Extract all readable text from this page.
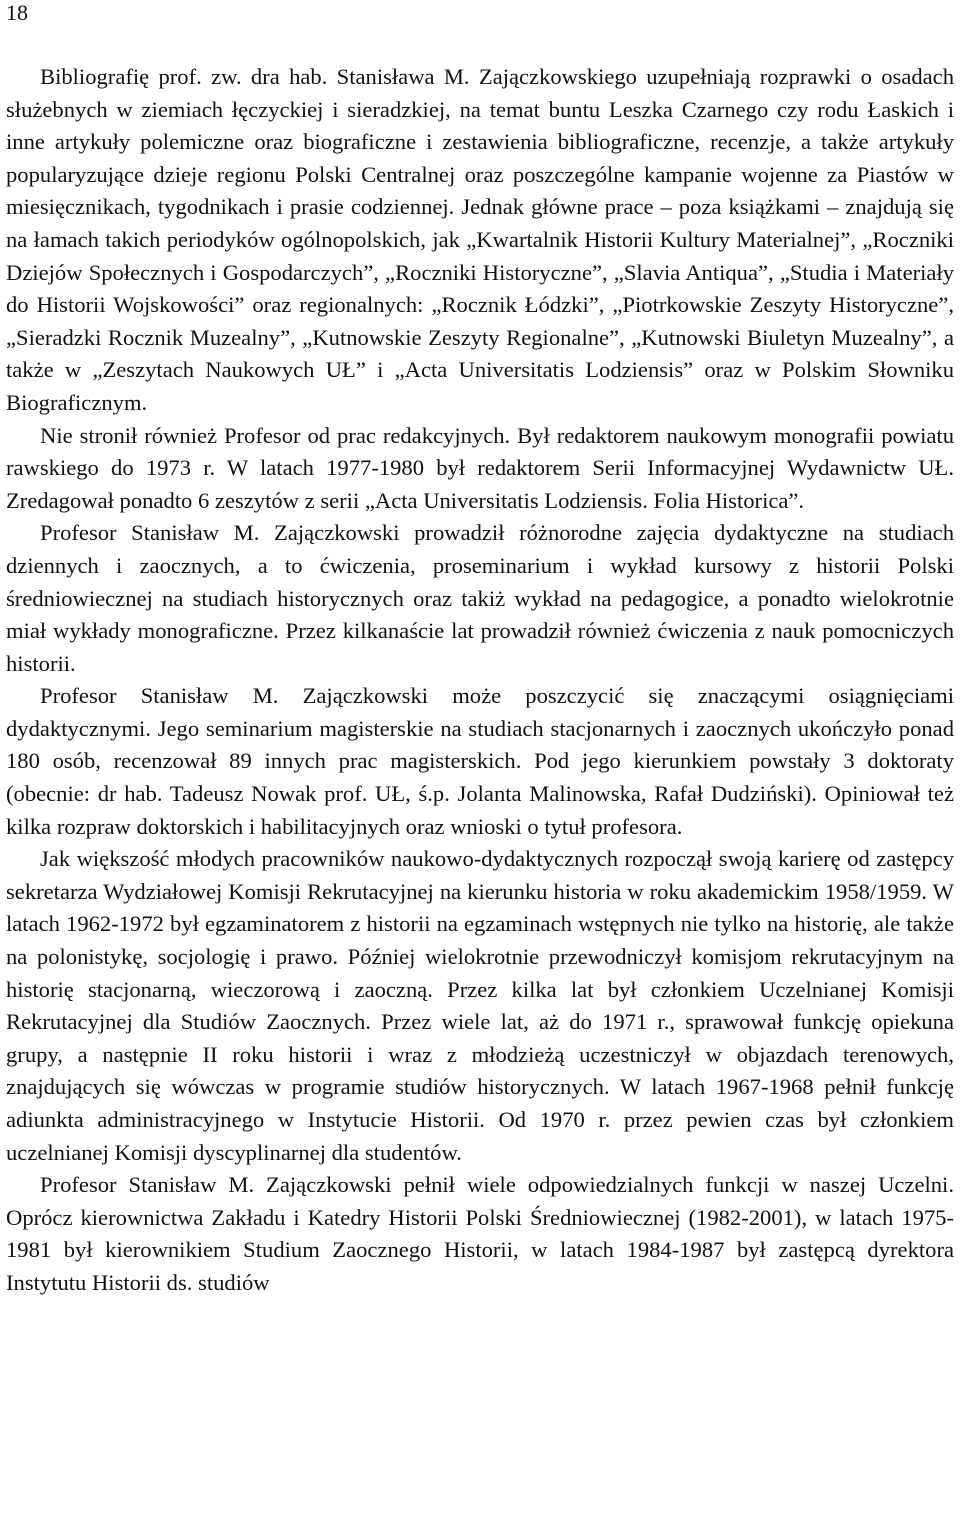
18

Bibliografię prof. zw. dra hab. Stanisława M. Zajączkowskiego uzupełniają rozprawki o osadach służebnych w ziemiach łęczyckiej i sieradzkiej, na temat buntu Leszka Czarnego czy rodu Łaskich i inne artykuły polemiczne oraz biograficzne i zestawienia bibliograficzne, recenzje, a także artykuły popularyzujące dzieje regionu Polski Centralnej oraz poszczególne kampanie wojenne za Piastów w miesięcznikach, tygodnikach i prasie codziennej. Jednak główne prace – poza książkami – znajdują się na łamach takich periodyków ogólnopolskich, jak „Kwartalnik Historii Kultury Materialnej”, „Roczniki Dziejów Społecznych i Gospodarczych”, „Roczniki Historyczne”, „Slavia Antiqua”, „Studia i Materiały do Historii Wojskowości” oraz regionalnych: „Rocznik Łódzki”, „Piotrkowskie Zeszyty Historyczne”, „Sieradzki Rocznik Muzealny”, „Kutnowskie Zeszyty Regionalne”, „Kutnowski Biuletyn Muzealny”, a także w „Zeszytach Naukowych UŁ” i „Acta Universitatis Lodziensis” oraz w Polskim Słowniku Biograficznym.

Nie stronił również Profesor od prac redakcyjnych. Był redaktorem naukowym monografii powiatu rawskiego do 1973 r. W latach 1977-1980 był redaktorem Serii Informacyjnej Wydawnictw UŁ. Zredagował ponadto 6 zeszytów z serii „Acta Universitatis Lodziensis. Folia Historica”.

Profesor Stanisław M. Zajączkowski prowadził różnorodne zajęcia dydaktyczne na studiach dziennych i zaocznych, a to ćwiczenia, proseminarium i wykład kursowy z historii Polski średniowiecznej na studiach historycznych oraz takiż wykład na pedagogice, a ponadto wielokrotnie miał wykłady monograficzne. Przez kilkanaście lat prowadził również ćwiczenia z nauk pomocniczych historii.

Profesor Stanisław M. Zajączkowski może poszczycić się znaczącymi osiągnięciami dydaktycznymi. Jego seminarium magisterskie na studiach stacjonarnych i zaocznych ukończyło ponad 180 osób, recenzował 89 innych prac magisterskich. Pod jego kierunkiem powstały 3 doktoraty (obecnie: dr hab. Tadeusz Nowak prof. UŁ, ś.p. Jolanta Malinowska, Rafał Dudziński). Opiniował też kilka rozpraw doktorskich i habilitacyjnych oraz wnioski o tytuł profesora.

Jak większość młodych pracowników naukowo-dydaktycznych rozpoczął swoją karierę od zastępcy sekretarza Wydziałowej Komisji Rekrutacyjnej na kierunku historia w roku akademickim 1958/1959. W latach 1962-1972 był egzaminatorem z historii na egzaminach wstępnych nie tylko na historię, ale także na polonistykę, socjologię i prawo. Później wielokrotnie przewodniczył komisjom rekrutacyjnym na historię stacjonarną, wieczorową i zaoczną. Przez kilka lat był członkiem Uczelnianej Komisji Rekrutacyjnej dla Studiów Zaocznych. Przez wiele lat, aż do 1971 r., sprawował funkcję opiekuna grupy, a następnie II roku historii i wraz z młodzieżą uczestniczył w objazdach terenowych, znajdujących się wówczas w programie studiów historycznych. W latach 1967-1968 pełnił funkcję adiunkta administracyjnego w Instytucie Historii. Od 1970 r. przez pewien czas był członkiem uczelnianej Komisji dyscyplinarnej dla studentów.

Profesor Stanisław M. Zajączkowski pełnił wiele odpowiedzialnych funkcji w naszej Uczelni. Oprócz kierownictwa Zakładu i Katedry Historii Polski Średniowiecznej (1982-2001), w latach 1975-1981 był kierownikiem Studium Zaocznego Historii, w latach 1984-1987 był zastępcą dyrektora Instytutu Historii ds. studiów
